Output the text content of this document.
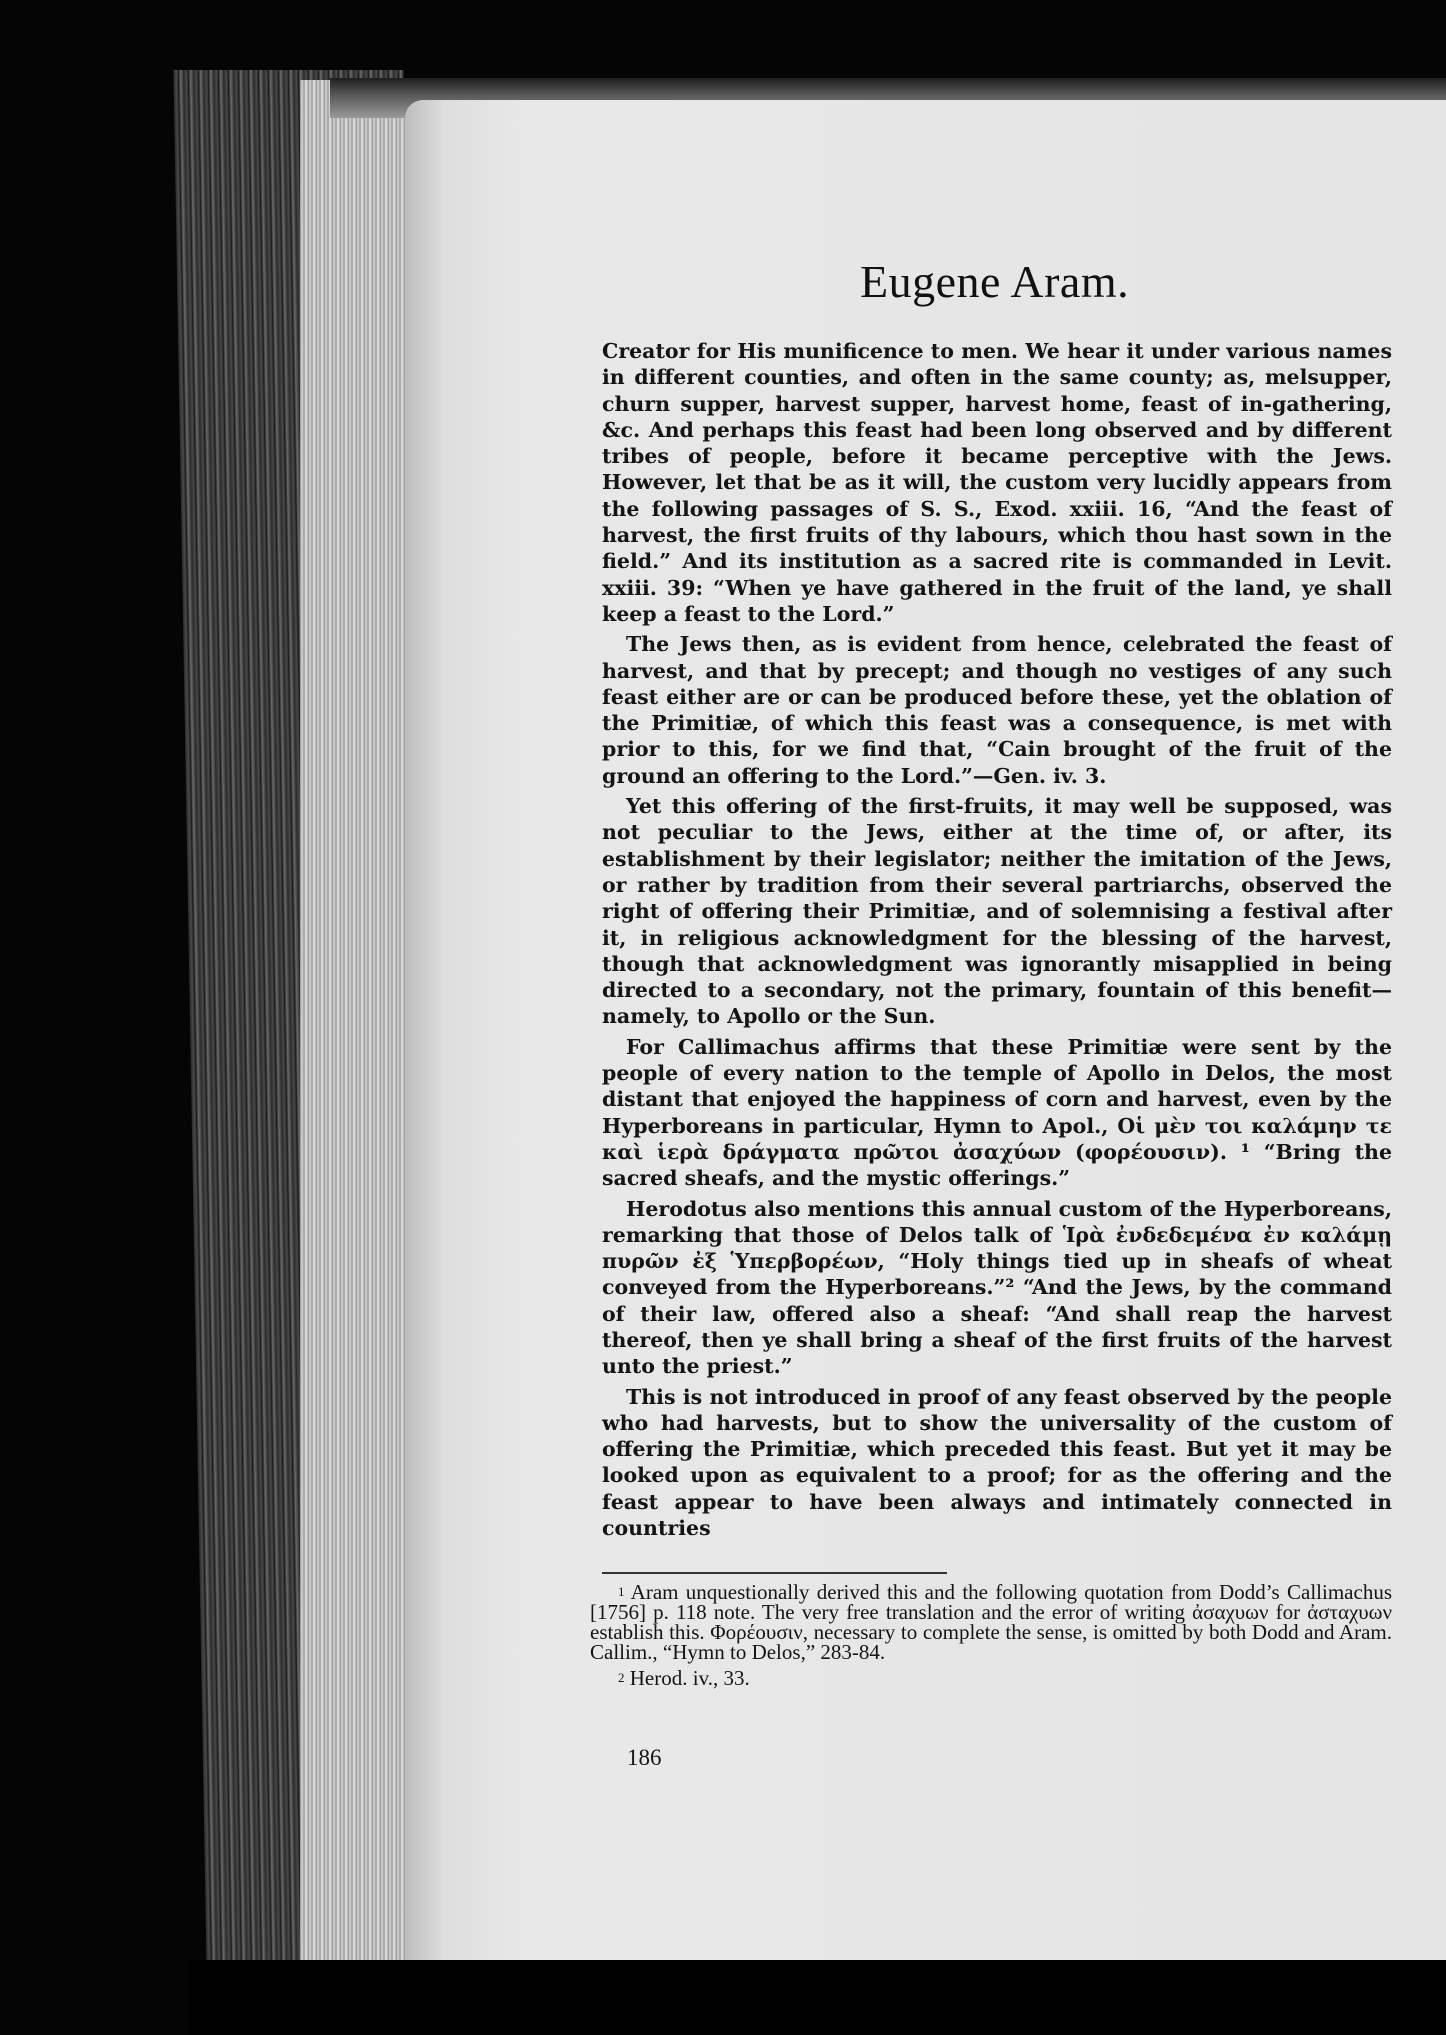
Eugene Aram.

Creator for His munificence to men. We hear it under various names in different counties, and often in the same county; as, melsupper, churn supper, harvest supper, harvest home, feast of in-gathering, &c. And perhaps this feast had been long observed and by different tribes of people, before it became perceptive with the Jews. However, let that be as it will, the custom very lucidly appears from the following passages of S. S., Exod. xxiii. 16, “And the feast of harvest, the first fruits of thy labours, which thou hast sown in the field.” And its institution as a sacred rite is commanded in Levit. xxiii. 39: “When ye have gathered in the fruit of the land, ye shall keep a feast to the Lord.”

The Jews then, as is evident from hence, celebrated the feast of harvest, and that by precept; and though no vestiges of any such feast either are or can be produced before these, yet the oblation of the Primitiæ, of which this feast was a consequence, is met with prior to this, for we find that, “Cain brought of the fruit of the ground an offering to the Lord.”—Gen. iv. 3.

Yet this offering of the first-fruits, it may well be supposed, was not peculiar to the Jews, either at the time of, or after, its establishment by their legislator; neither the imitation of the Jews, or rather by tradition from their several partriarchs, observed the right of offering their Primitiæ, and of solemnising a festival after it, in religious acknowledgment for the blessing of the harvest, though that acknowledgment was ignorantly misapplied in being directed to a secondary, not the primary, fountain of this benefit—namely, to Apollo or the Sun.

For Callimachus affirms that these Primitiæ were sent by the people of every nation to the temple of Apollo in Delos, the most distant that enjoyed the happiness of corn and harvest, even by the Hyperboreans in particular, Hymn to Apol., Οἱ μὲν τοι καλάμην τε καὶ ἱερὰ δράγματα πρῶτοι ἀσαχύων (φορέουσιν). ¹ “Bring the sacred sheafs, and the mystic offerings.”

Herodotus also mentions this annual custom of the Hyperboreans, remarking that those of Delos talk of Ἱρὰ ἐνδεδεμένα ἐν καλάμῃ πυρῶν ἐξ Ὑπερβορέων, “Holy things tied up in sheafs of wheat conveyed from the Hyperboreans.”² “And the Jews, by the command of their law, offered also a sheaf: “And shall reap the harvest thereof, then ye shall bring a sheaf of the first fruits of the harvest unto the priest.”

This is not introduced in proof of any feast observed by the people who had harvests, but to show the universality of the custom of offering the Primitiæ, which preceded this feast. But yet it may be looked upon as equivalent to a proof; for as the offering and the feast appear to have been always and intimately connected in countries

$^1$ Aram unquestionally derived this and the following quotation from Dodd’s Callimachus [1756] p. 118 note. The very free translation and the error of writing ἀσαχυων for ἀσταχυων establish this. Φορέουσιν, necessary to complete the sense, is omitted by both Dodd and Aram. Callim., “Hymn to Delos,” 283-84.

$^2$ Herod. iv., 33.

186
